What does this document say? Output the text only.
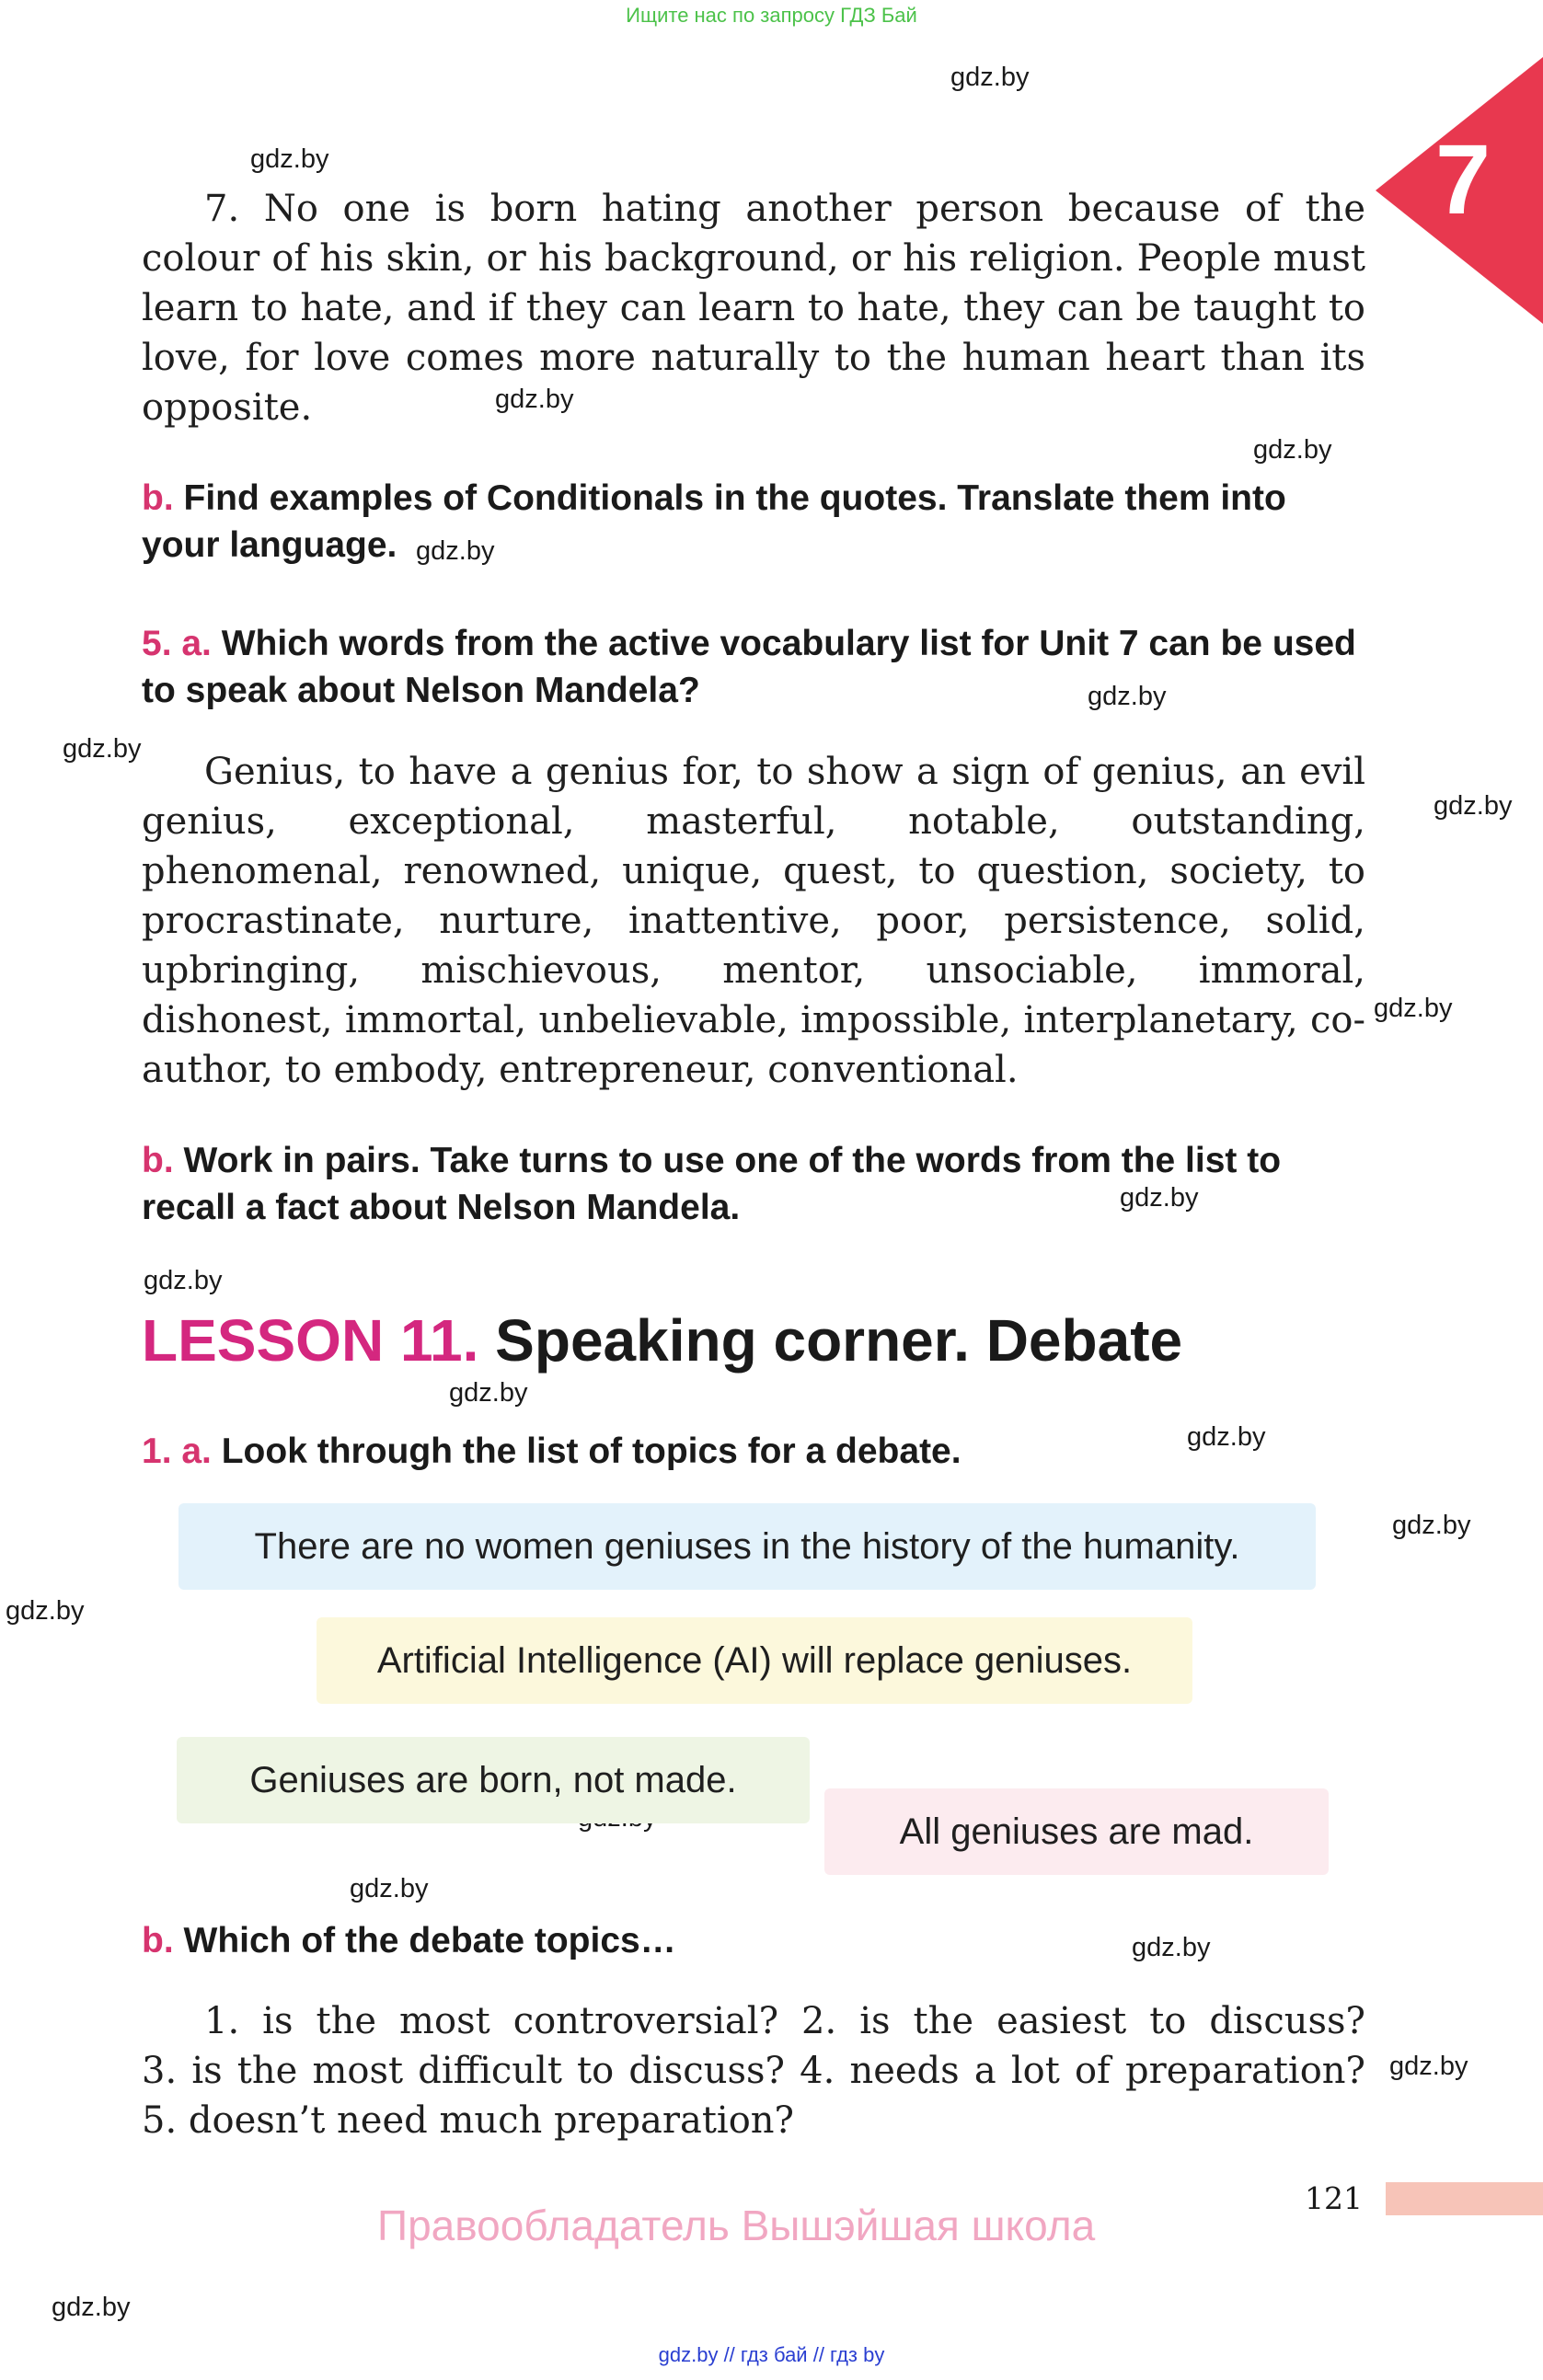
Ищите нас по запросу ГДЗ Бай
7
gdz.by
gdz.by
gdz.by
gdz.by
gdz.by
gdz.by
gdz.by
gdz.by
gdz.by
gdz.by
gdz.by
gdz.by
gdz.by
gdz.by
gdz.by
gdz.by
gdz.by
gdz.by
gdz.by
7. No one is born hating another person because of the colour of his skin, or his background, or his religion. People must learn to hate, and if they can learn to hate, they can be taught to love, for love comes more naturally to the human heart than its opposite.
b. Find examples of Conditionals in the quotes. Translate them into your language.
5. a. Which words from the active vocabulary list for Unit 7 can be used to speak about Nelson Mandela?
Genius, to have a genius for, to show a sign of genius, an evil genius, exceptional, masterful, notable, outstanding, phenomenal, renowned, unique, quest, to question, society, to procrastinate, nurture, inattentive, poor, persistence, solid, upbringing, mischievous, mentor, unsociable, immoral, dishonest, immortal, unbelievable, impossible, interplanetary, co-author, to embody, entrepreneur, conventional.
b. Work in pairs. Take turns to use one of the words from the list to recall a fact about Nelson Mandela.
LESSON 11. Speaking corner. Debate
1. a. Look through the list of topics for a debate.
There are no women geniuses in the history of the humanity.
Artificial Intelligence (AI) will replace geniuses.
Geniuses are born, not made.
All geniuses are mad.
b. Which of the debate topics…
1. is the most controversial? 2. is the easiest to discuss?
3. is the most difficult to discuss? 4. needs a lot of preparation?
5. doesn’t need much preparation?
121
Правообладатель Вышэйшая школа
gdz.by // гдз бай // гдз by
